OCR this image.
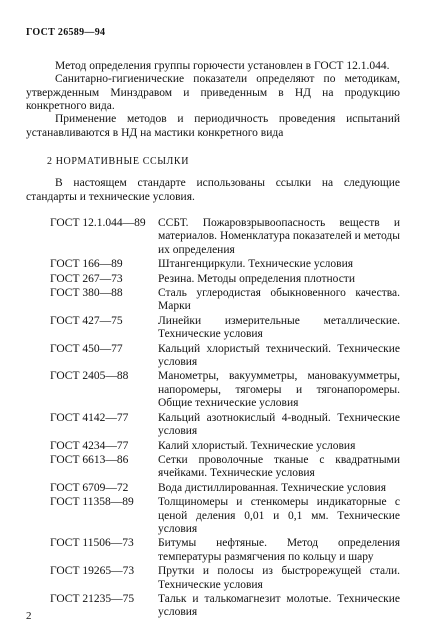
ГОСТ 26589—94
Метод определения группы горючести установлен в ГОСТ 12.1.044.
Санитарно-гигиенические показатели определяют по методикам, утвержденным Минздравом и приведенным в НД на продукцию конкретного вида.
Применение методов и периодичность проведения испытаний устанавливаются в НД на мастики конкретного вида
2 НОРМАТИВНЫЕ ССЫЛКИ
В настоящем стандарте использованы ссылки на следующие стандарты и технические условия.
ГОСТ 12.1.044—89	ССБТ. Пожаровзрывоопасность веществ и материалов. Номенклатура показателей и методы их определения
ГОСТ 166—89	Штангенциркули. Технические условия
ГОСТ 267—73	Резина. Методы определения плотности
ГОСТ 380—88	Сталь углеродистая обыкновенного качества. Марки
ГОСТ 427—75	Линейки измерительные металлические. Технические условия
ГОСТ 450—77	Кальций хлористый технический. Технические условия
ГОСТ 2405—88	Манометры, вакуумметры, мановакуумметры, напоромеры, тягомеры и тягонапоромеры. Общие технические условия
ГОСТ 4142—77	Кальций азотнокислый 4-водный. Технические условия
ГОСТ 4234—77	Калий хлористый. Технические условия
ГОСТ 6613—86	Сетки проволочные тканые с квадратными ячейками. Технические условия
ГОСТ 6709—72	Вода дистиллированная. Технические условия
ГОСТ 11358—89	Толщиномеры и стенкомеры индикаторные с ценой деления 0,01 и 0,1 мм. Технические условия
ГОСТ 11506—73	Битумы нефтяные. Метод определения температуры размягчения по кольцу и шару
ГОСТ 19265—73	Прутки и полосы из быстрорежущей стали. Технические условия
ГОСТ 21235—75	Тальк и талькомагнезит молотые. Технические условия
2
